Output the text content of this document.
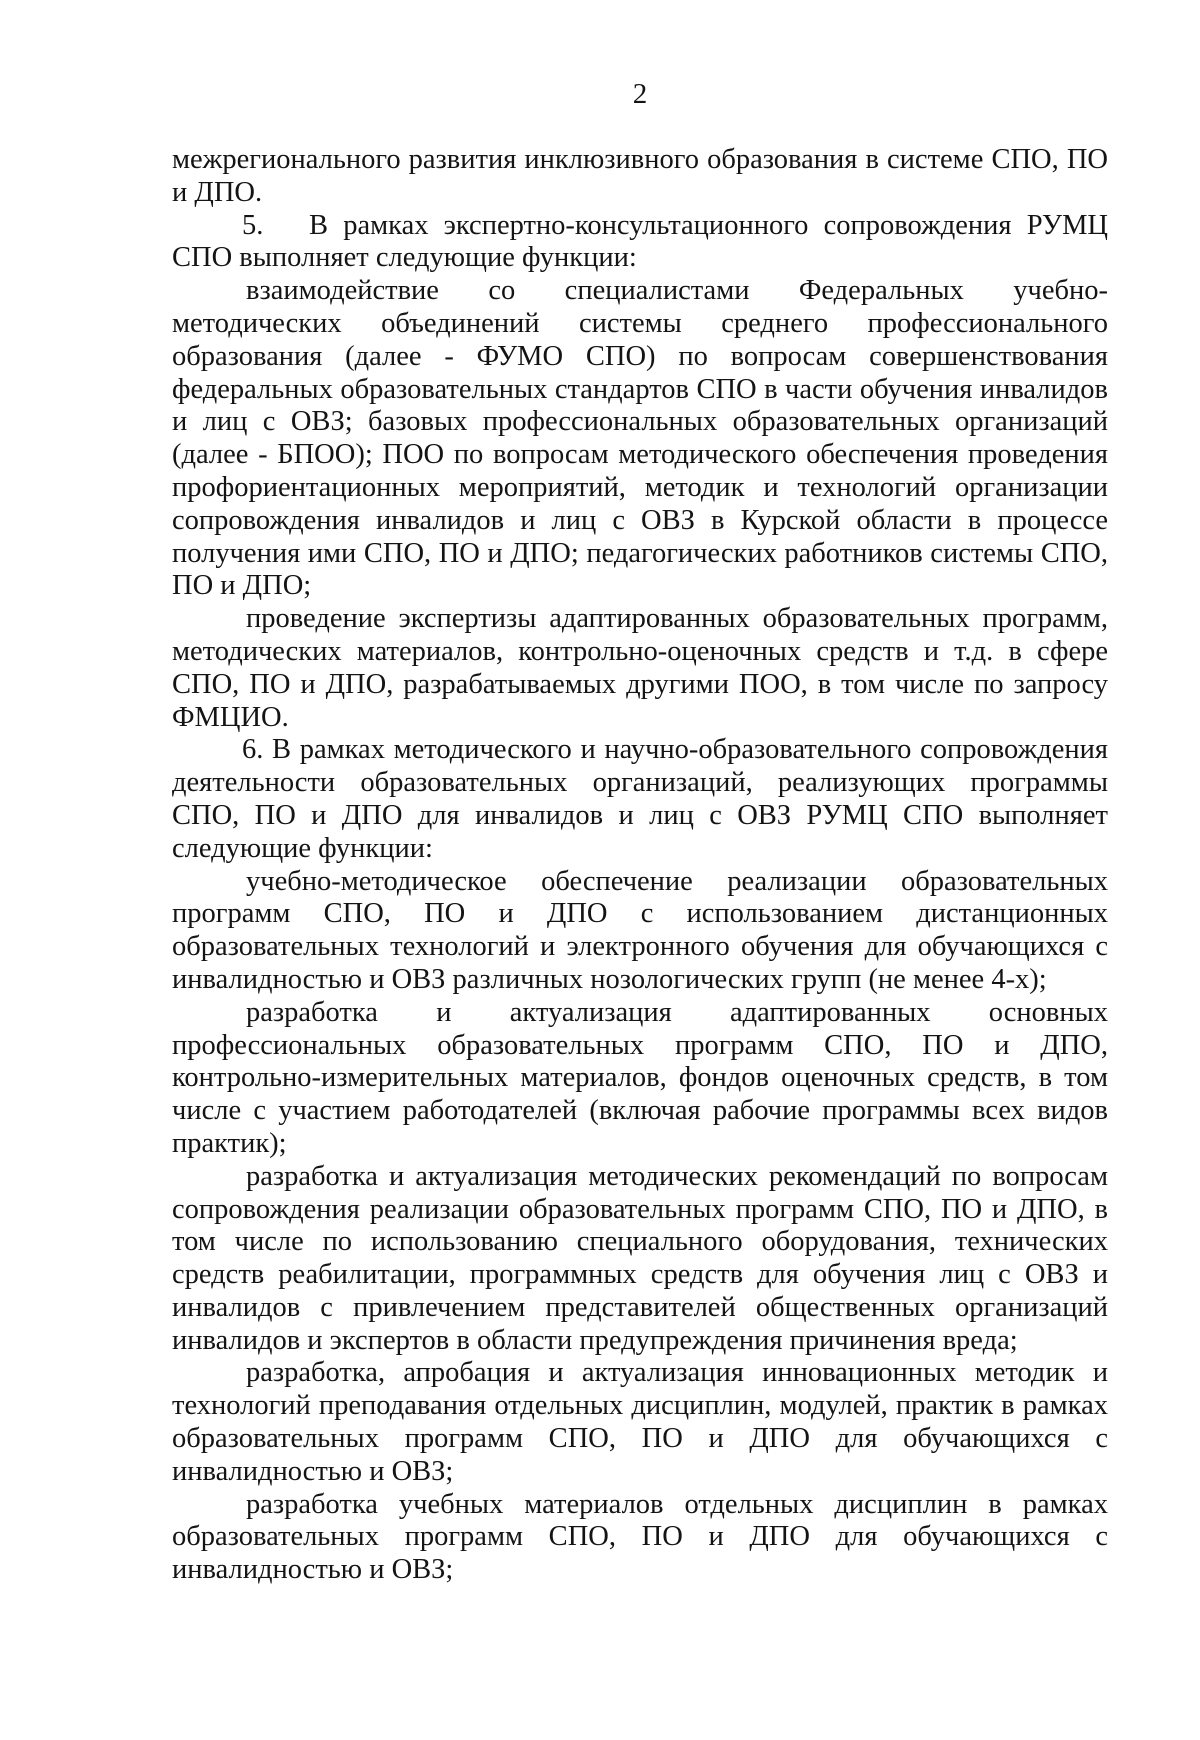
2

межрегионального развития инклюзивного образования в системе СПО, ПО и ДПО.

5.   В рамках экспертно-консультационного сопровождения РУМЦ СПО выполняет следующие функции:

взаимодействие со специалистами Федеральных учебно-методических объединений системы среднего профессионального образования (далее - ФУМО СПО) по вопросам совершенствования федеральных образовательных стандартов СПО в части обучения инвалидов и лиц с ОВЗ; базовых профессиональных образовательных организаций (далее - БПОО); ПОО по вопросам методического обеспечения проведения профориентационных мероприятий, методик и технологий организации сопровождения инвалидов и лиц с ОВЗ в Курской области в процессе получения ими СПО, ПО и ДПО; педагогических работников системы СПО, ПО и ДПО;

проведение экспертизы адаптированных образовательных программ, методических материалов, контрольно-оценочных средств и т.д. в сфере СПО, ПО и ДПО, разрабатываемых другими ПОО, в том числе по запросу ФМЦИО.

6. В рамках методического и научно-образовательного сопровождения деятельности образовательных организаций, реализующих программы СПО, ПО и ДПО для инвалидов и лиц с ОВЗ РУМЦ СПО выполняет следующие функции:

учебно-методическое обеспечение реализации образовательных программ СПО, ПО и ДПО с использованием дистанционных образовательных технологий и электронного обучения для обучающихся с инвалидностью и ОВЗ различных нозологических групп (не менее 4-х);

разработка и актуализация адаптированных основных профессиональных образовательных программ СПО, ПО и ДПО, контрольно-измерительных материалов, фондов оценочных средств, в том числе с участием работодателей (включая рабочие программы всех видов практик);

разработка и актуализация методических рекомендаций по вопросам сопровождения реализации образовательных программ СПО, ПО и ДПО, в том числе по использованию специального оборудования, технических средств реабилитации, программных средств для обучения лиц с ОВЗ и инвалидов с привлечением представителей общественных организаций инвалидов и экспертов в области предупреждения причинения вреда;

разработка, апробация и актуализация инновационных методик и технологий преподавания отдельных дисциплин, модулей, практик в рамках образовательных программ СПО, ПО и ДПО для обучающихся с инвалидностью и ОВЗ;

разработка учебных материалов отдельных дисциплин в рамках образовательных программ СПО, ПО и ДПО для обучающихся с инвалидностью и ОВЗ;
